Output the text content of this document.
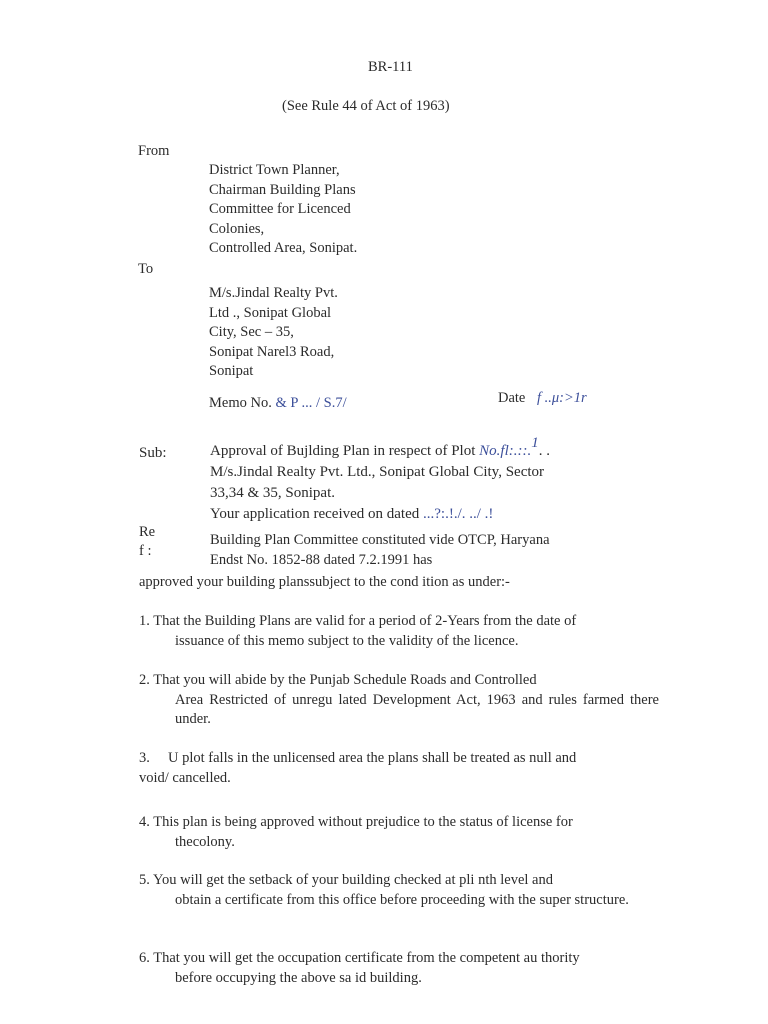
BR-111
(See Rule 44 of Act of 1963)
From
District Town Planner,
Chairman Building Plans
Committee for Licenced
Colonies,
Controlled Area, Sonipat.
To
M/s.Jindal Realty Pvt.
Ltd ., Sonipat Global
City, Sec – 35,
Sonipat Narel3 Road,
Sonipat
Memo No. & P ... / S.7/	Date f ..μ:>1r
Sub:	Approval of Bujlding Plan in respect of Plot No.fl:.::.1. .
M/s.Jindal Realty Pvt. Ltd., Sonipat Global City, Sector
33,34 & 35, Sonipat.
Your application received on dated ...?:.!./. ../ .!
Re
f :
Building Plan Committee constituted vide OTCP, Haryana
Endst No. 1852-88 dated 7.2.1991 has
approved your building planssubject to the cond ition as under:-
1. That the Building Plans are valid for a period of 2-Years from the date of
issuance of this memo subject to the validity of the licence.
2. That you will abide by the Punjab Schedule Roads and Controlled
Area Restricted of unregu lated Development Act, 1963 and rules farmed there under.
3.     U plot falls in the unlicensed area the plans shall be treated as null and
void/ cancelled.
4. This plan is being approved without prejudice to the status of license for
thecolony.
5. You will get the setback of your building checked at pli nth level and
obtain a certificate from this office before proceeding with the super structure.
6. That you will get the occupation certificate from the competent au thority
before occupying the above sa id building.
